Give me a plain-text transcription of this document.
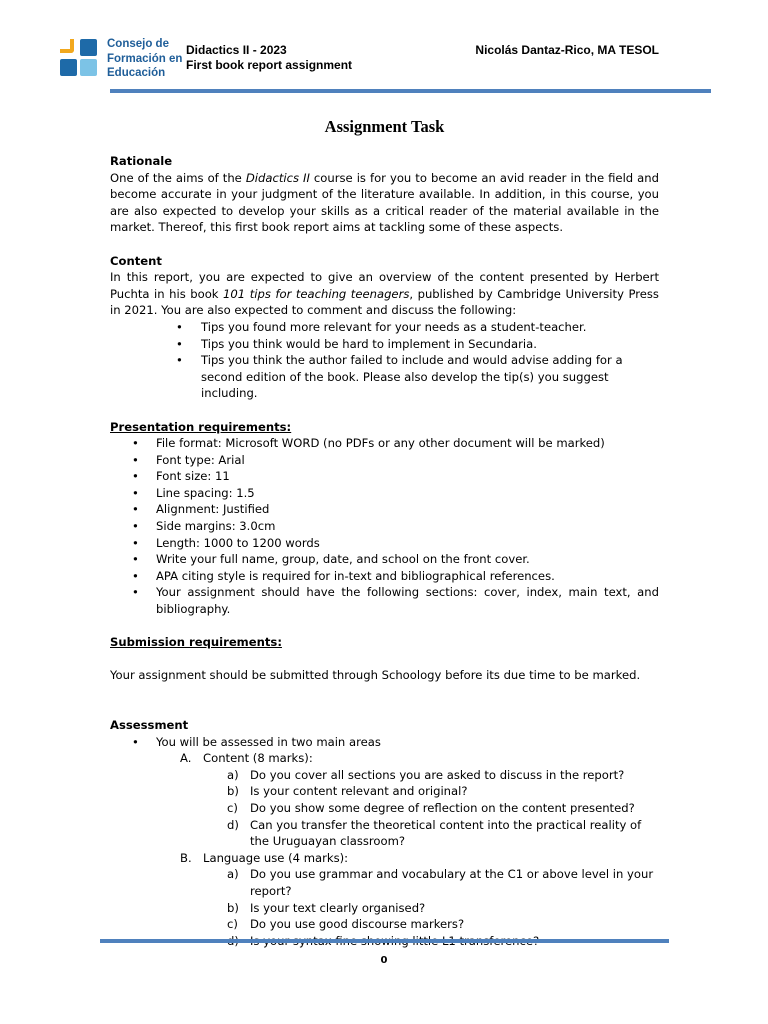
Consejo de
Formación en
Educación
Didactics II - 2023
First book report assignment
Nicolás Dantaz-Rico, MA TESOL
Assignment Task
Rationale

One of the aims of the Didactics II course is for you to become an avid reader in the field and become accurate in your judgment of the literature available. In addition, in this course, you are also expected to develop your skills as a critical reader of the material available in the market. Thereof, this first book report aims at tackling some of these aspects.

Content

In this report, you are expected to give an overview of the content presented by Herbert Puchta in his book 101 tips for teaching teenagers, published by Cambridge University Press in 2021. You are also expected to comment and discuss the following:

• Tips you found more relevant for your needs as a student-teacher.
• Tips you think would be hard to implement in Secundaria.
• Tips you think the author failed to include and would advise adding for a second edition of the book. Please also develop the tip(s) you suggest including.
Presentation requirements:
• File format: Microsoft WORD (no PDFs or any other document will be marked)
• Font type: Arial
• Font size: 11
• Line spacing: 1.5
• Alignment: Justified
• Side margins: 3.0cm
• Length: 1000 to 1200 words
• Write your full name, group, date, and school on the front cover.
• APA citing style is required for in-text and bibliographical references.
• Your assignment should have the following sections: cover, index, main text, and bibliography.
Submission requirements:

Your assignment should be submitted through Schoology before its due time to be marked.

Assessment
• You will be assessed in two main areas
A. Content (8 marks):
a) Do you cover all sections you are asked to discuss in the report?
b) Is your content relevant and original?
c) Do you show some degree of reflection on the content presented?
d) Can you transfer the theoretical content into the practical reality of the Uruguayan classroom?
B. Language use (4 marks):
a) Do you use grammar and vocabulary at the C1 or above level in your report?
b) Is your text clearly organised?
c) Do you use good discourse markers?
0
